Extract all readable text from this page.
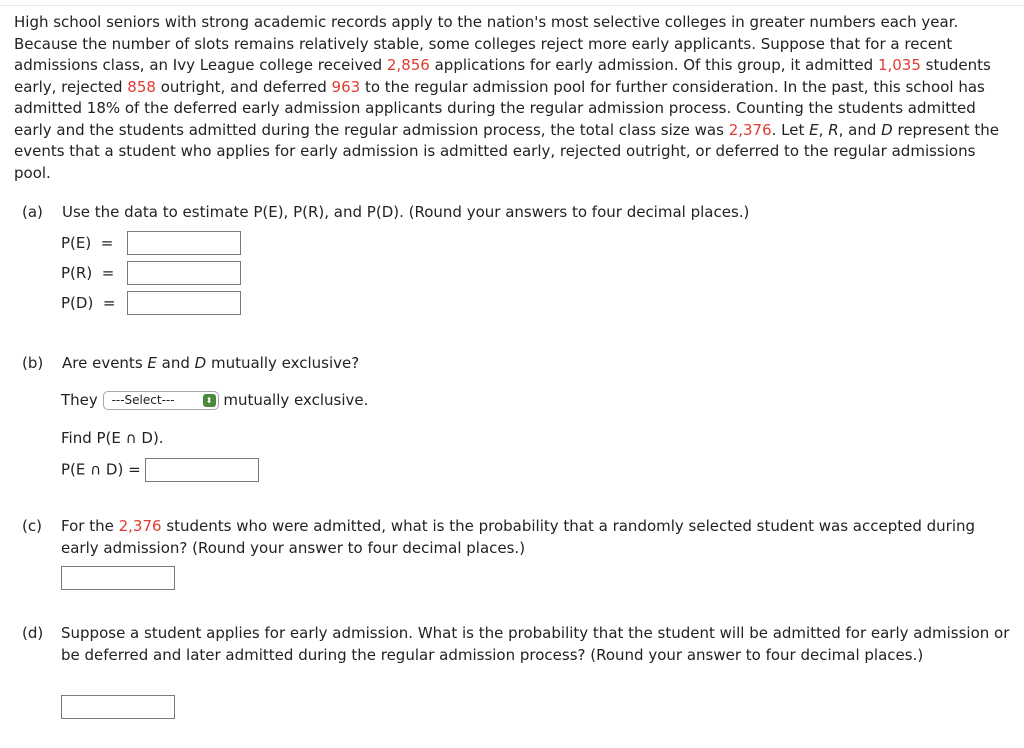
High school seniors with strong academic records apply to the nation's most selective colleges in greater numbers each year. Because the number of slots remains relatively stable, some colleges reject more early applicants. Suppose that for a recent admissions class, an Ivy League college received 2,856 applications for early admission. Of this group, it admitted 1,035 students early, rejected 858 outright, and deferred 963 to the regular admission pool for further consideration. In the past, this school has admitted 18% of the deferred early admission applicants during the regular admission process. Counting the students admitted early and the students admitted during the regular admission process, the total class size was 2,376. Let E, R, and D represent the events that a student who applies for early admission is admitted early, rejected outright, or deferred to the regular admissions pool.
(a) Use the data to estimate P(E), P(R), and P(D). (Round your answers to four decimal places.)
P(E) =
P(R) =
P(D) =
(b) Are events E and D mutually exclusive?
They ---Select---	⬍ mutually exclusive.
Find P(E ∩ D).
P(E ∩ D) =
(c) For the 2,376 students who were admitted, what is the probability that a randomly selected student was accepted during early admission? (Round your answer to four decimal places.)
(d) Suppose a student applies for early admission. What is the probability that the student will be admitted for early admission or be deferred and later admitted during the regular admission process? (Round your answer to four decimal places.)
